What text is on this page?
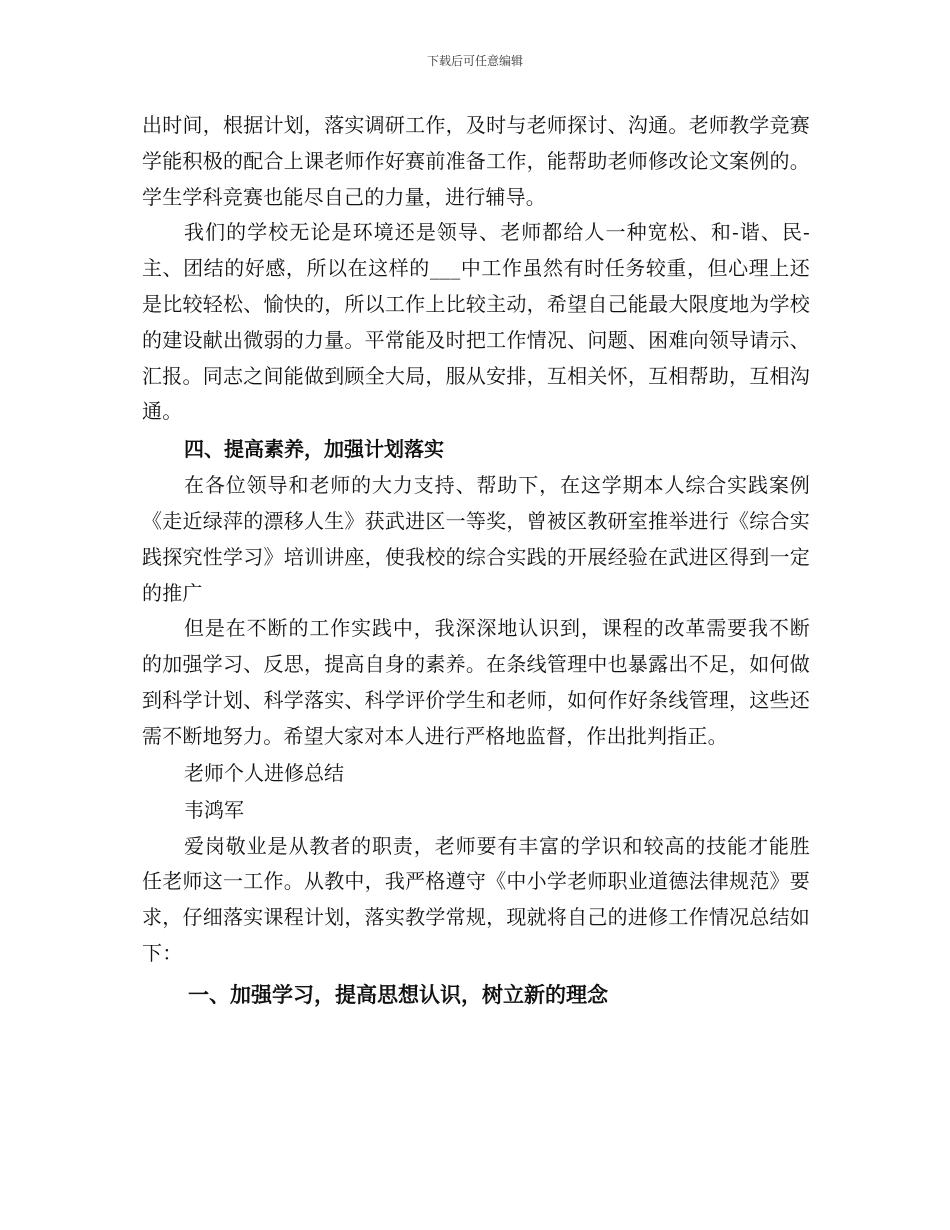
下载后可任意编辑

出时间，根据计划，落实调研工作，及时与老师探讨、沟通。老师教学竞赛学能积极的配合上课老师作好赛前准备工作，能帮助老师修改论文案例的。学生学科竞赛也能尽自己的力量，进行辅导。

我们的学校无论是环境还是领导、老师都给人一种宽松、和-谐、民-主、团结的好感，所以在这样的___中工作虽然有时任务较重，但心理上还是比较轻松、愉快的，所以工作上比较主动，希望自己能最大限度地为学校的建设献出微弱的力量。平常能及时把工作情况、问题、困难向领导请示、汇报。同志之间能做到顾全大局，服从安排，互相关怀，互相帮助，互相沟通。

四、提高素养，加强计划落实

在各位领导和老师的大力支持、帮助下，在这学期本人综合实践案例《走近绿萍的漂移人生》获武进区一等奖，曾被区教研室推举进行《综合实践探究性学习》培训讲座，使我校的综合实践的开展经验在武进区得到一定的推广

但是在不断的工作实践中，我深深地认识到，课程的改革需要我不断的加强学习、反思，提高自身的素养。在条线管理中也暴露出不足，如何做到科学计划、科学落实、科学评价学生和老师，如何作好条线管理，这些还需不断地努力。希望大家对本人进行严格地监督，作出批判指正。

老师个人进修总结

韦鸿军

爱岗敬业是从教者的职责，老师要有丰富的学识和较高的技能才能胜任老师这一工作。从教中，我严格遵守《中小学老师职业道德法律规范》要求，仔细落实课程计划，落实教学常规，现就将自己的进修工作情况总结如下：

一、加强学习，提高思想认识，树立新的理念
